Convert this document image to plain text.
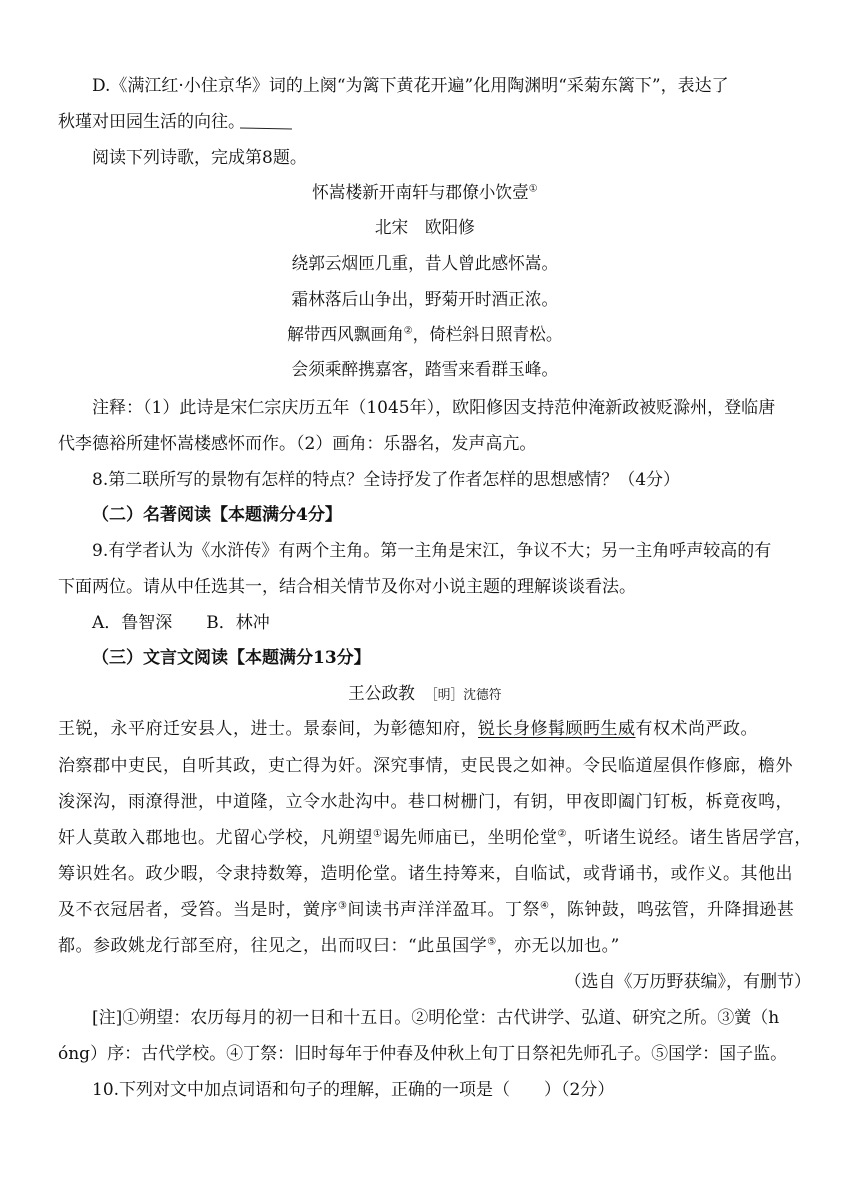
D.《满江红·小住京华》词的上阕“为篱下黄花开遍”化用陶渊明“采菊东篱下”，表达了
秋瑾对田园生活的向往。
阅读下列诗歌，完成第8题。
怀嵩楼新开南轩与郡僚小饮壹①
北宋　欧阳修
绕郭云烟匝几重，昔人曾此感怀嵩。
霜林落后山争出，野菊开时酒正浓。
解带西风飘画角②，倚栏斜日照青松。
会须乘醉携嘉客，踏雪来看群玉峰。
注释：（1）此诗是宋仁宗庆历五年（1045年），欧阳修因支持范仲淹新政被贬滁州，登临唐
代李德裕所建怀嵩楼感怀而作。（2）画角：乐器名，发声高亢。
8.第二联所写的景物有怎样的特点？全诗抒发了作者怎样的思想感情？（4分）
（二）名著阅读【本题满分4分】
9.有学者认为《水浒传》有两个主角。第一主角是宋江，争议不大；另一主角呼声较高的有
下面两位。请从中任选其一，结合相关情节及你对小说主题的理解谈谈看法。
A．鲁智深　　B．林冲
（三）文言文阅读【本题满分13分】
王公政教　 ［明］沈德符
王锐，永平府迁安县人，进士。景泰间，为彰德知府，锐长身修髯顾眄生威有权术尚严政。
治察郡中吏民，自听其政，吏亡得为奸。深究事情，吏民畏之如神。令民临道屋俱作修廊，檐外
浚深沟，雨潦得泄，中道隆，立令水赴沟中。巷口树栅门，有钥，甲夜即阖门钉板，柝竟夜鸣，
奸人莫敢入郡地也。尤留心学校，凡朔望①谒先师庙已，坐明伦堂②，听诸生说经。诸生皆居学宫，
筹识姓名。政少暇，令隶持数筹，造明伦堂。诸生持筹来，自临试，或背诵书，或作义。其他出
及不衣冠居者，受笞。当是时，黉序③间读书声洋洋盈耳。丁祭④，陈钟鼓，鸣弦管，升降揖逊甚
都。参政姚龙行部至府，往见之，出而叹曰：“此虽国学⑤，亦无以加也。”
（选自《万历野获编》，有删节）
[注]①朔望：农历每月的初一日和十五日。②明伦堂：古代讲学、弘道、研究之所。③黉（h
óng）序：古代学校。④丁祭：旧时每年于仲春及仲秋上旬丁日祭祀先师孔子。⑤国学：国子监。
10.下列对文中加点词语和句子的理解，正确的一项是（　　）（2分）
